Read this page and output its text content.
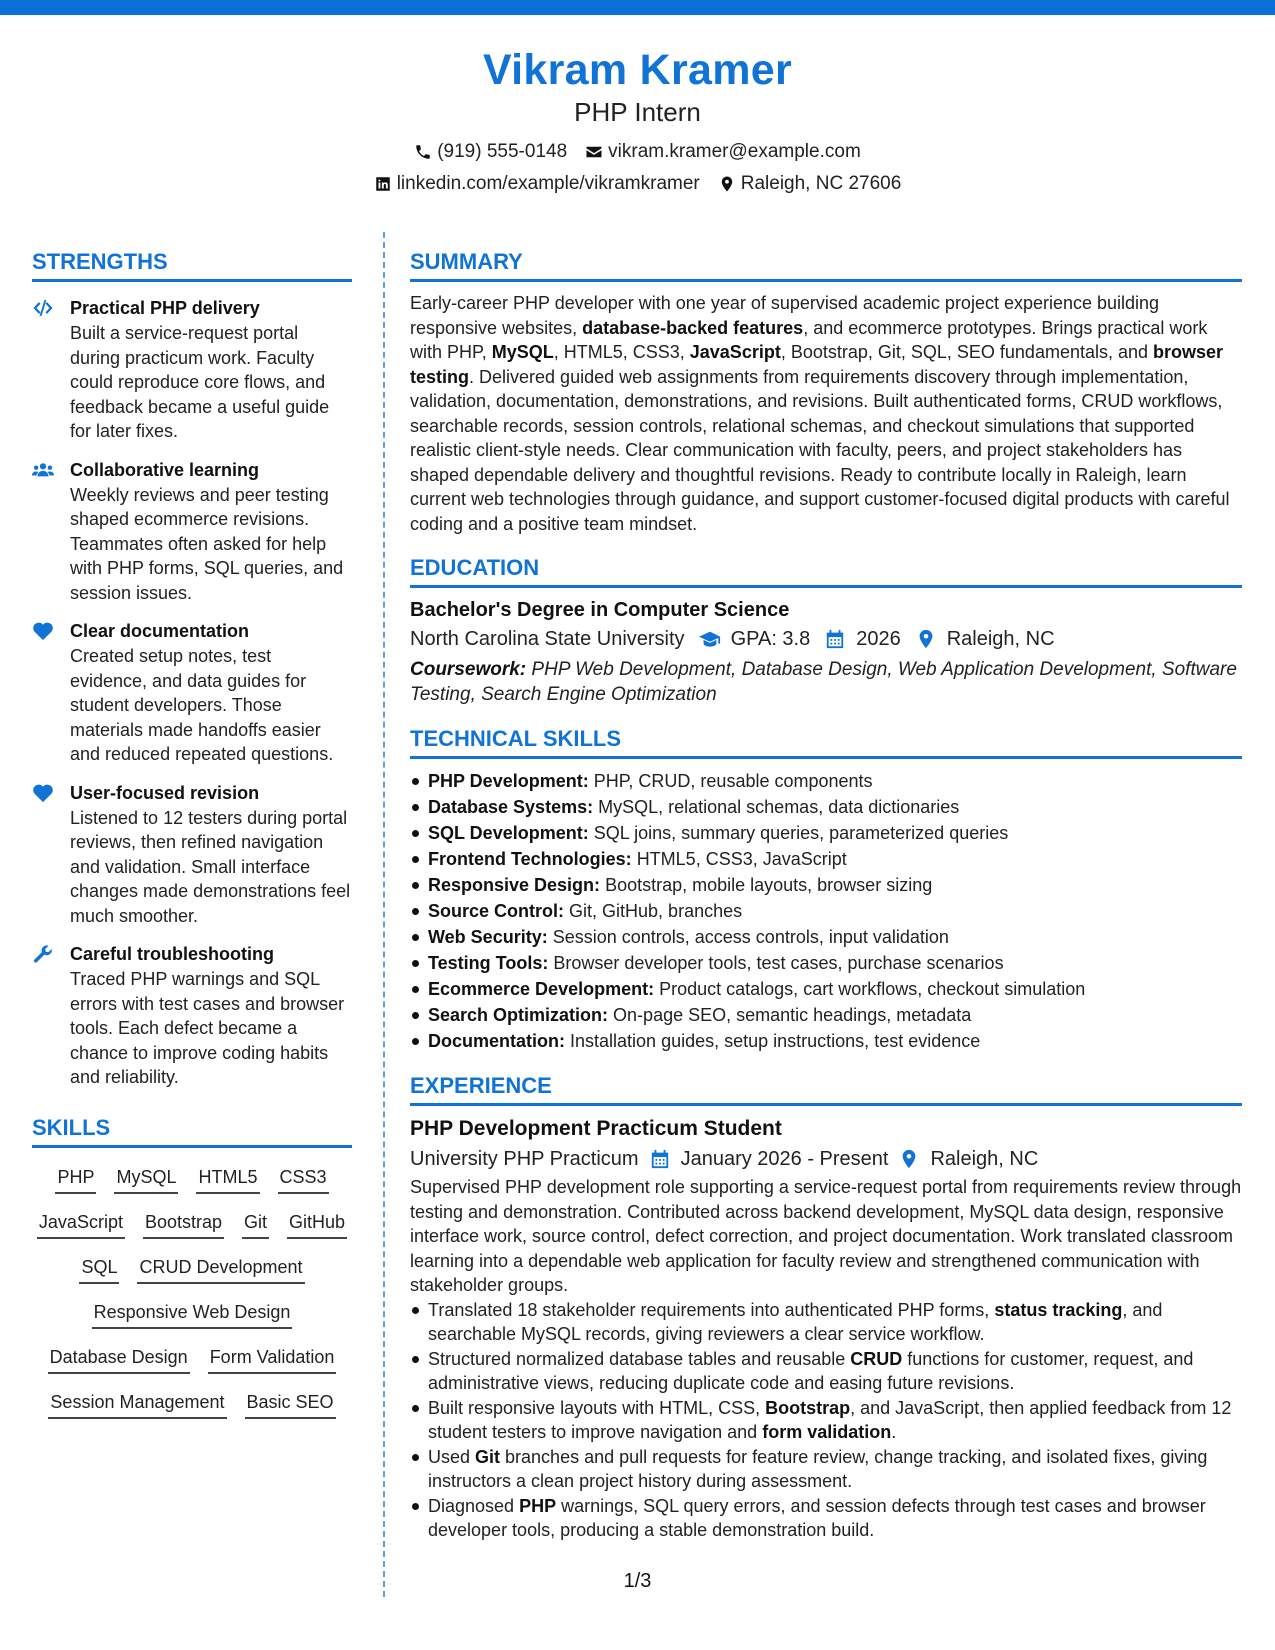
Vikram Kramer
PHP Intern
(919) 555-0148 vikram.kramer@example.com
linkedin.com/example/vikramkramer Raleigh, NC 27606
STRENGTHS
Practical PHP delivery
Built a service-request portal during practicum work. Faculty could reproduce core flows, and feedback became a useful guide for later fixes.
Collaborative learning
Weekly reviews and peer testing shaped ecommerce revisions. Teammates often asked for help with PHP forms, SQL queries, and session issues.
Clear documentation
Created setup notes, test evidence, and data guides for student developers. Those materials made handoffs easier and reduced repeated questions.
User-focused revision
Listened to 12 testers during portal reviews, then refined navigation and validation. Small interface changes made demonstrations feel much smoother.
Careful troubleshooting
Traced PHP warnings and SQL errors with test cases and browser tools. Each defect became a chance to improve coding habits and reliability.
SKILLS
PHP MySQL HTML5 CSS3
JavaScript Bootstrap Git GitHub
SQL CRUD Development
Responsive Web Design
Database Design Form Validation
Session Management Basic SEO
SUMMARY

Early-career PHP developer with one year of supervised academic project experience building responsive websites, database-backed features, and ecommerce prototypes. Brings practical work with PHP, MySQL, HTML5, CSS3, JavaScript, Bootstrap, Git, SQL, SEO fundamentals, and browser testing. Delivered guided web assignments from requirements discovery through implementation, validation, documentation, demonstrations, and revisions. Built authenticated forms, CRUD workflows, searchable records, session controls, relational schemas, and checkout simulations that supported realistic client-style needs. Clear communication with faculty, peers, and project stakeholders has shaped dependable delivery and thoughtful revisions. Ready to contribute locally in Raleigh, learn current web technologies through guidance, and support customer-focused digital products with careful coding and a positive team mindset.

EDUCATION
Bachelor's Degree in Computer Science
North Carolina State University GPA: 3.8 2026 Raleigh, NC
Coursework: PHP Web Development, Database Design, Web Application Development, Software Testing, Search Engine Optimization
TECHNICAL SKILLS
PHP Development: PHP, CRUD, reusable components
Database Systems: MySQL, relational schemas, data dictionaries
SQL Development: SQL joins, summary queries, parameterized queries
Frontend Technologies: HTML5, CSS3, JavaScript
Responsive Design: Bootstrap, mobile layouts, browser sizing
Source Control: Git, GitHub, branches
Web Security: Session controls, access controls, input validation
Testing Tools: Browser developer tools, test cases, purchase scenarios
Ecommerce Development: Product catalogs, cart workflows, checkout simulation
Search Optimization: On-page SEO, semantic headings, metadata
Documentation: Installation guides, setup instructions, test evidence
EXPERIENCE
PHP Development Practicum Student
University PHP Practicum January 2026 - Present Raleigh, NC

Supervised PHP development role supporting a service-request portal from requirements review through testing and demonstration. Contributed across backend development, MySQL data design, responsive interface work, source control, defect correction, and project documentation. Work translated classroom learning into a dependable web application for faculty review and strengthened communication with stakeholder groups.

Translated 18 stakeholder requirements into authenticated PHP forms, status tracking, and searchable MySQL records, giving reviewers a clear service workflow.
Structured normalized database tables and reusable CRUD functions for customer, request, and administrative views, reducing duplicate code and easing future revisions.
Built responsive layouts with HTML, CSS, Bootstrap, and JavaScript, then applied feedback from 12 student testers to improve navigation and form validation.
Used Git branches and pull requests for feature review, change tracking, and isolated fixes, giving instructors a clean project history during assessment.
Diagnosed PHP warnings, SQL query errors, and session defects through test cases and browser developer tools, producing a stable demonstration build.
1/3
